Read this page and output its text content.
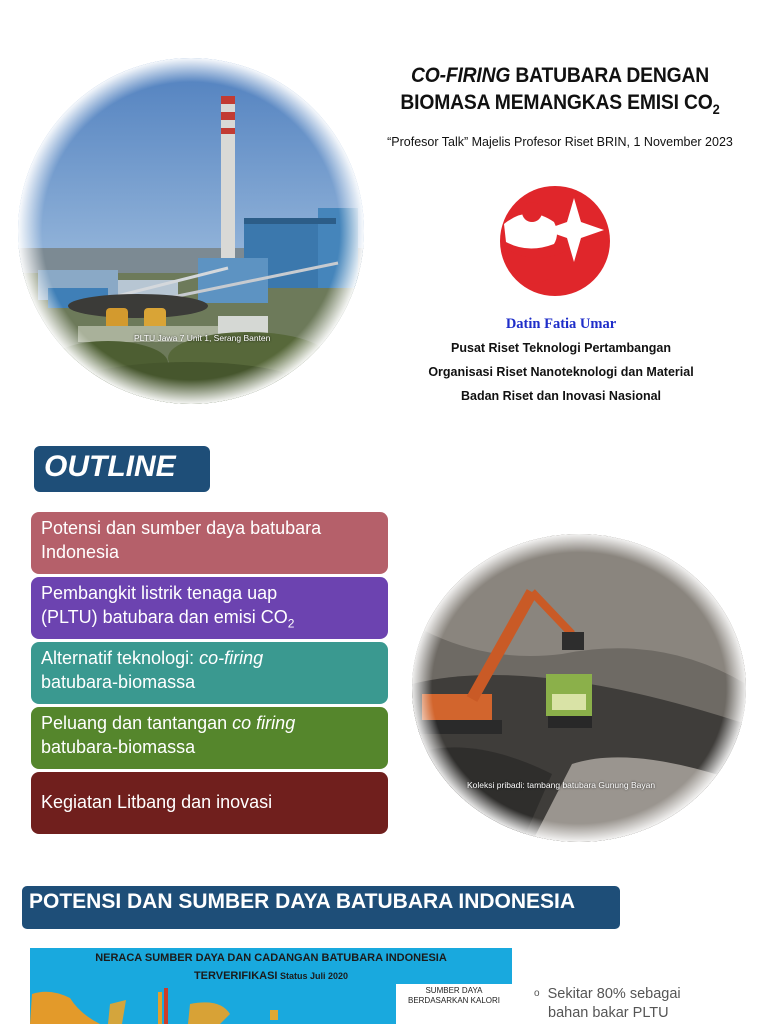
PLTU Jawa 7 Unit 1, Serang Banten
CO-FIRING BATUBARA DENGAN
BIOMASA MEMANGKAS EMISI $CO_2$
“Profesor Talk” Majelis Profesor Riset BRIN, 1 November 2023
Datin Fatia Umar
Pusat Riset Teknologi Pertambangan
Organisasi Riset Nanoteknologi dan Material
Badan Riset dan Inovasi Nasional
OUTLINE
Potensi dan sumber daya batubara
Indonesia
Pembangkit listrik tenaga uap
(PLTU) batubara dan emisi $CO_2$
Alternatif teknologi: co-firing
batubara-biomassa
Peluang dan tantangan co firing
batubara-biomassa
Kegiatan Litbang dan inovasi
Koleksi pribadi: tambang batubara Gunung Bayan
POTENSI DAN SUMBER DAYA BATUBARA INDONESIA
NERACA SUMBER DAYA DAN CADANGAN BATUBARA INDONESIA
TERVERIFIKASI Status Juli 2020
SUMBER DAYA
BERDASARKAN KALORI
o Sekitar 80% sebagai
bahan bakar PLTU
